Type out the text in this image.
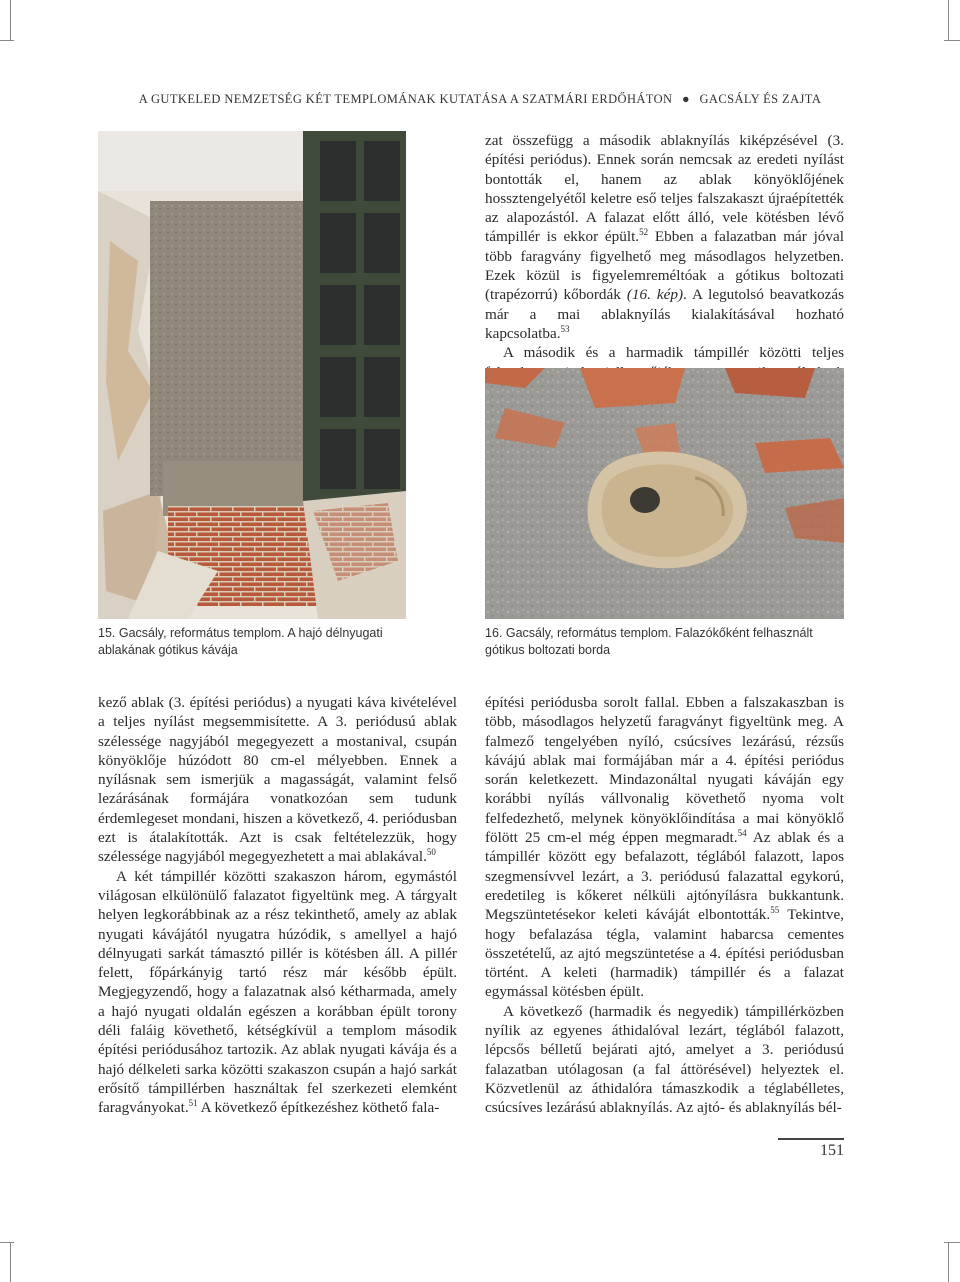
A GUTKELED NEMZETSÉG KÉT TEMPLOMÁNAK KUTATÁSA A SZATMÁRI ERDŐHÁTON ● GACSÁLY ÉS ZAJTA

zat összefügg a második ablaknyílás kiképzésével (3. építési periódus). Ennek során nemcsak az eredeti nyílást bontották el, hanem az ablak könyöklőjének hossztengelyétől keletre eső teljes falszakaszt újraépítették az alapozástól. A falazat előtt álló, vele kötésben lévő támpillér is ekkor épült.$^{52}$ Ebben a falazatban már jóval több faragvány figyelhető meg másodlagos helyzetben. Ezek közül is figyelemreméltóak a gótikus boltozati (trapézorrú) kőbordák (16. kép). A legutolsó beavatkozás már a mai ablaknyílás kialakításával hozható kapcsolatba.$^{53}$

A második és a harmadik támpillér közötti teljes

15. Gacsály, református templom. A hajó délnyugati ablakának gótikus kávája
16. Gacsály, református templom. Falazókőként felhasznált gótikus boltozati borda

kező ablak (3. építési periódus) a nyugati káva kivételével a teljes nyílást megsemmisítette. A 3. periódusú ablak szélessége nagyjából megegyezett a mostanival, csupán könyöklője húzódott 80 cm-el mélyebben. Ennek a nyílásnak sem ismerjük a magasságát, valamint felső lezárásának formájára vonatkozóan sem tudunk érdemlegeset mondani, hiszen a következő, 4. periódusban ezt is átalakították. Azt is csak feltételezzük, hogy szélessége nagyjából megegyezhetett a mai ablakával.$^{50}$

A két támpillér közötti szakaszon három, egymástól világosan elkülönülő falazatot figyeltünk meg. A tárgyalt helyen legkorábbinak az a rész tekinthető, amely az ablak nyugati kávájától nyugatra húzódik, s amellyel a hajó délnyugati sarkát támasztó pillér is kötésben áll. A pillér felett, főpárkányig tartó rész már később épült. Megjegyzendő, hogy a falazatnak alsó kétharmada, amely a hajó nyugati oldalán egészen a korábban épült torony déli faláig követhető, kétségkívül a templom második építési periódusához tartozik. Az ablak nyugati kávája és a hajó délkeleti sarka közötti szakaszon csupán a hajó sarkát erősítő támpillérben használtak fel szerkezeti elemként faragványokat.$^{51}$ A következő építkezéshez köthető fala-

építési periódusba sorolt fallal. Ebben a falszakaszban is több, másodlagos helyzetű faragványt figyeltünk meg. A falmező tengelyében nyíló, csúcsíves lezárású, rézsűs kávájú ablak mai formájában már a 4. építési periódus során keletkezett. Mindazonáltal nyugati káváján egy korábbi nyílás vállvonalig követhető nyoma volt felfedezhető, melynek könyöklőindítása a mai könyöklő fölött 25 cm-el még éppen megmaradt.$^{54}$ Az ablak és a támpillér között egy befalazott, téglából falazott, lapos szegmensívvel lezárt, a 3. periódusú falazattal egykorú, eredetileg is kőkeret nélküli ajtónyílásra bukkantunk. Megszüntetésekor keleti káváját elbontották.$^{55}$ Tekintve, hogy befalazása tégla, valamint habarcsa cementes összetételű, az ajtó megszüntetése a 4. építési periódusban történt. A keleti (harmadik) támpillér és a falazat egymással kötésben épült.

A következő (harmadik és negyedik) támpillérközben nyílik az egyenes áthidalóval lezárt, téglából falazott, lépcsős bélletű bejárati ajtó, amelyet a 3. periódusú falazatban utólagosan (a fal áttörésével) helyeztek el. Közvetlenül az áthidalóra támaszkodik a téglabélletes, csúcsíves lezárású ablaknyílás. Az ajtó- és ablaknyílás bél-

151
